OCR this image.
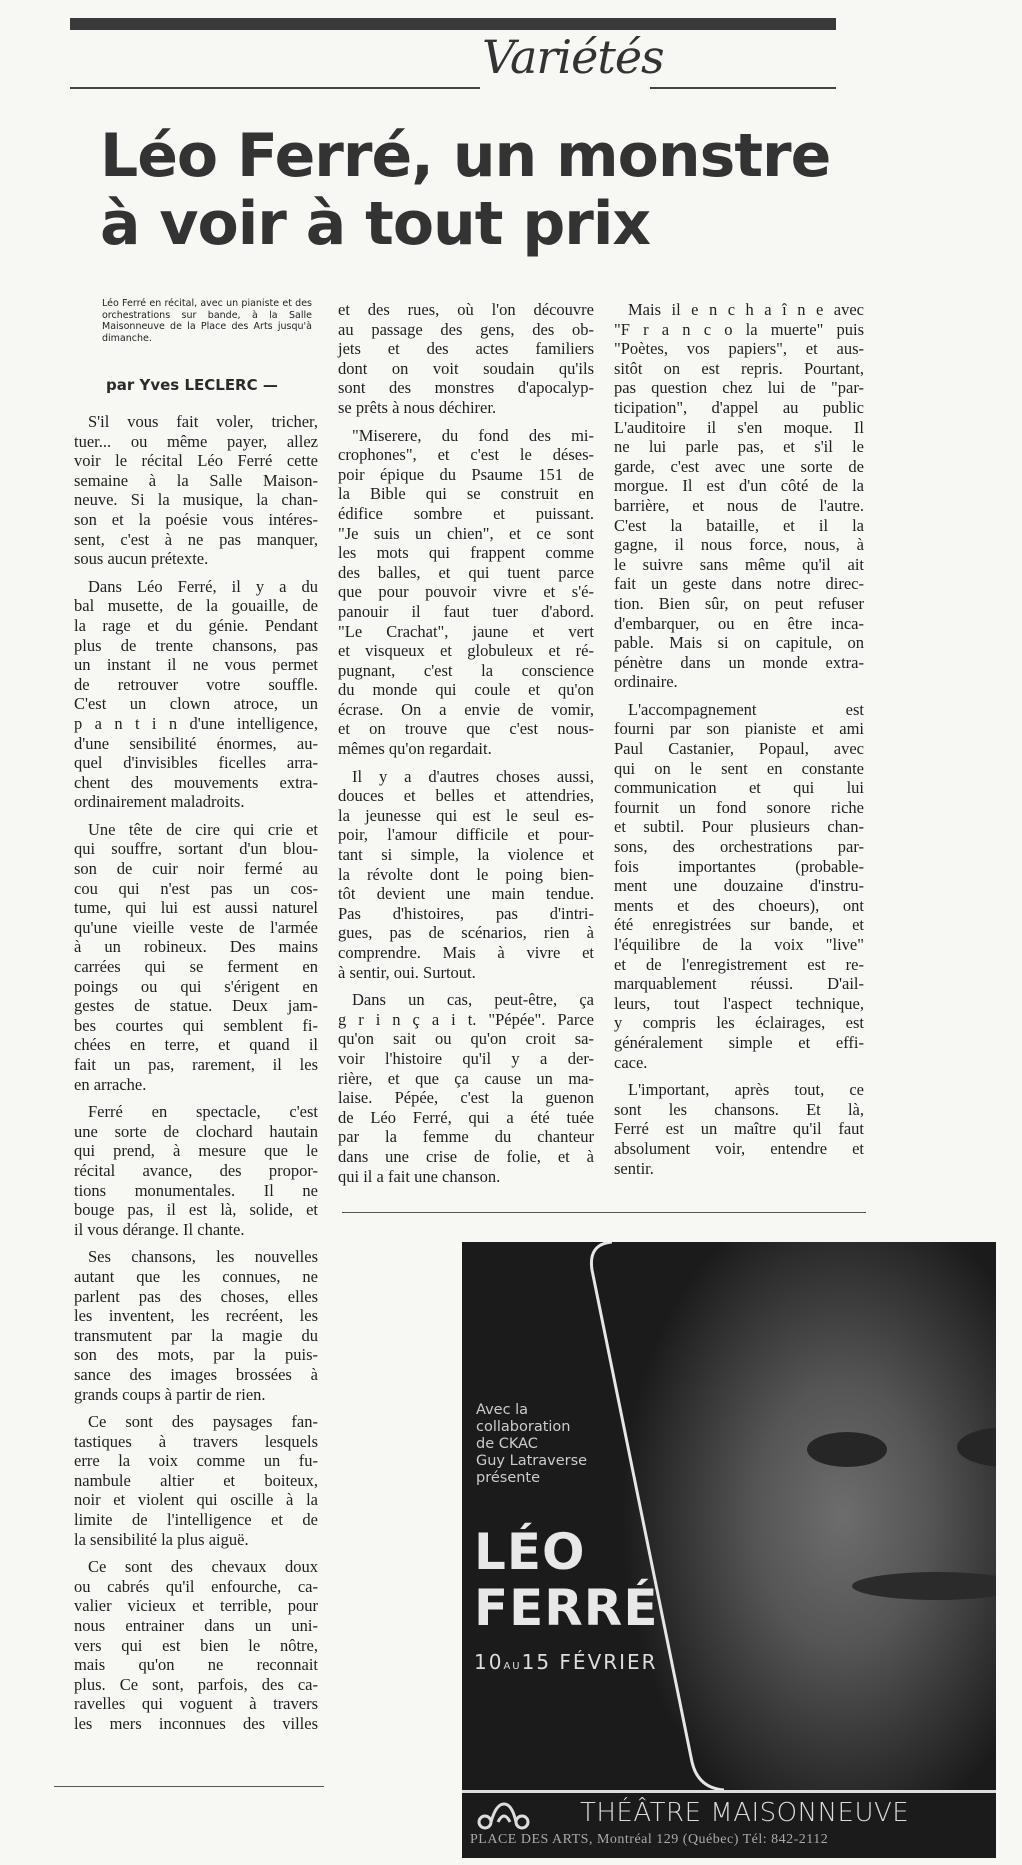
Variétés
Léo Ferré, un monstre
à voir à tout prix
Léo Ferré en récital, avec un pianiste et des orchestrations sur bande, à la Salle Maisonneuve de la Place des Arts jusqu'à dimanche.
par Yves LECLERC —
S'il vous fait voler, tricher,
tuer... ou même payer, allez
voir le récital Léo Ferré cette
semaine à la Salle Maison-
neuve. Si la musique, la chan-
son et la poésie vous intéres-
sent, c'est à ne pas manquer,
sous aucun prétexte.
Dans Léo Ferré, il y a du
bal musette, de la gouaille, de
la rage et du génie. Pendant
plus de trente chansons, pas
un instant il ne vous permet
de retrouver votre souffle.
C'est un clown atroce, un
p a n t i n d'une intelligence,
d'une sensibilité énormes, au-
quel d'invisibles ficelles arra-
chent des mouvements extra-
ordinairement maladroits.
Une tête de cire qui crie et
qui souffre, sortant d'un blou-
son de cuir noir fermé au
cou qui n'est pas un cos-
tume, qui lui est aussi naturel
qu'une vieille veste de l'armée
à un robineux. Des mains
carrées qui se ferment en
poings ou qui s'érigent en
gestes de statue. Deux jam-
bes courtes qui semblent fi-
chées en terre, et quand il
fait un pas, rarement, il les
en arrache.
Ferré en spectacle, c'est
une sorte de clochard hautain
qui prend, à mesure que le
récital avance, des propor-
tions monumentales. Il ne
bouge pas, il est là, solide, et
il vous dérange. Il chante.
Ses chansons, les nouvelles
autant que les connues, ne
parlent pas des choses, elles
les inventent, les recréent, les
transmutent par la magie du
son des mots, par la puis-
sance des images brossées à
grands coups à partir de rien.
Ce sont des paysages fan-
tastiques à travers lesquels
erre la voix comme un fu-
nambule altier et boiteux,
noir et violent qui oscille à la
limite de l'intelligence et de
la sensibilité la plus aiguë.
Ce sont des chevaux doux
ou cabrés qu'il enfourche, ca-
valier vicieux et terrible, pour
nous entrainer dans un uni-
vers qui est bien le nôtre,
mais qu'on ne reconnait
plus. Ce sont, parfois, des ca-
ravelles qui voguent à travers
les mers inconnues des villes
et des rues, où l'on découvre
au passage des gens, des ob-
jets et des actes familiers
dont on voit soudain qu'ils
sont des monstres d'apocalyp-
se prêts à nous déchirer.
"Miserere, du fond des mi-
crophones", et c'est le déses-
poir épique du Psaume 151 de
la Bible qui se construit en
édifice sombre et puissant.
"Je suis un chien", et ce sont
les mots qui frappent comme
des balles, et qui tuent parce
que pour pouvoir vivre et s'é-
panouir il faut tuer d'abord.
"Le Crachat", jaune et vert
et visqueux et globuleux et ré-
pugnant, c'est la conscience
du monde qui coule et qu'on
écrase. On a envie de vomir,
et on trouve que c'est nous-
mêmes qu'on regardait.
Il y a d'autres choses aussi,
douces et belles et attendries,
la jeunesse qui est le seul es-
poir, l'amour difficile et pour-
tant si simple, la violence et
la révolte dont le poing bien-
tôt devient une main tendue.
Pas d'histoires, pas d'intri-
gues, pas de scénarios, rien à
comprendre. Mais à vivre et
à sentir, oui. Surtout.
Dans un cas, peut-être, ça
g r i n ç a i t. "Pépée". Parce
qu'on sait ou qu'on croit sa-
voir l'histoire qu'il y a der-
rière, et que ça cause un ma-
laise. Pépée, c'est la guenon
de Léo Ferré, qui a été tuée
par la femme du chanteur
dans une crise de folie, et à
qui il a fait une chanson.
Mais il e n c h a î n e avec
"F r a n c o la muerte" puis
"Poètes, vos papiers", et aus-
sitôt on est repris. Pourtant,
pas question chez lui de "par-
ticipation", d'appel au public
L'auditoire il s'en moque. Il
ne lui parle pas, et s'il le
garde, c'est avec une sorte de
morgue. Il est d'un côté de la
barrière, et nous de l'autre.
C'est la bataille, et il la
gagne, il nous force, nous, à
le suivre sans même qu'il ait
fait un geste dans notre direc-
tion. Bien sûr, on peut refuser
d'embarquer, ou en être inca-
pable. Mais si on capitule, on
pénètre dans un monde extra-
ordinaire.
L'accompagnement est
fourni par son pianiste et ami
Paul Castanier, Popaul, avec
qui on le sent en constante
communication et qui lui
fournit un fond sonore riche
et subtil. Pour plusieurs chan-
sons, des orchestrations par-
fois importantes (probable-
ment une douzaine d'instru-
ments et des choeurs), ont
été enregistrées sur bande, et
l'équilibre de la voix "live"
et de l'enregistrement est re-
marquablement réussi. D'ail-
leurs, tout l'aspect technique,
y compris les éclairages, est
généralement simple et effi-
cace.
L'important, après tout, ce
sont les chansons. Et là,
Ferré est un maître qu'il faut
absolument voir, entendre et
sentir.
Avec la
collaboration
de CKAC
Guy Latraverse
présente
LÉO
FERRÉ
10AU15 FÉVRIER
THÉÂTRE MAISONNEUVE
PLACE DES ARTS, Montréal 129 (Québec) Tél: 842-2112
